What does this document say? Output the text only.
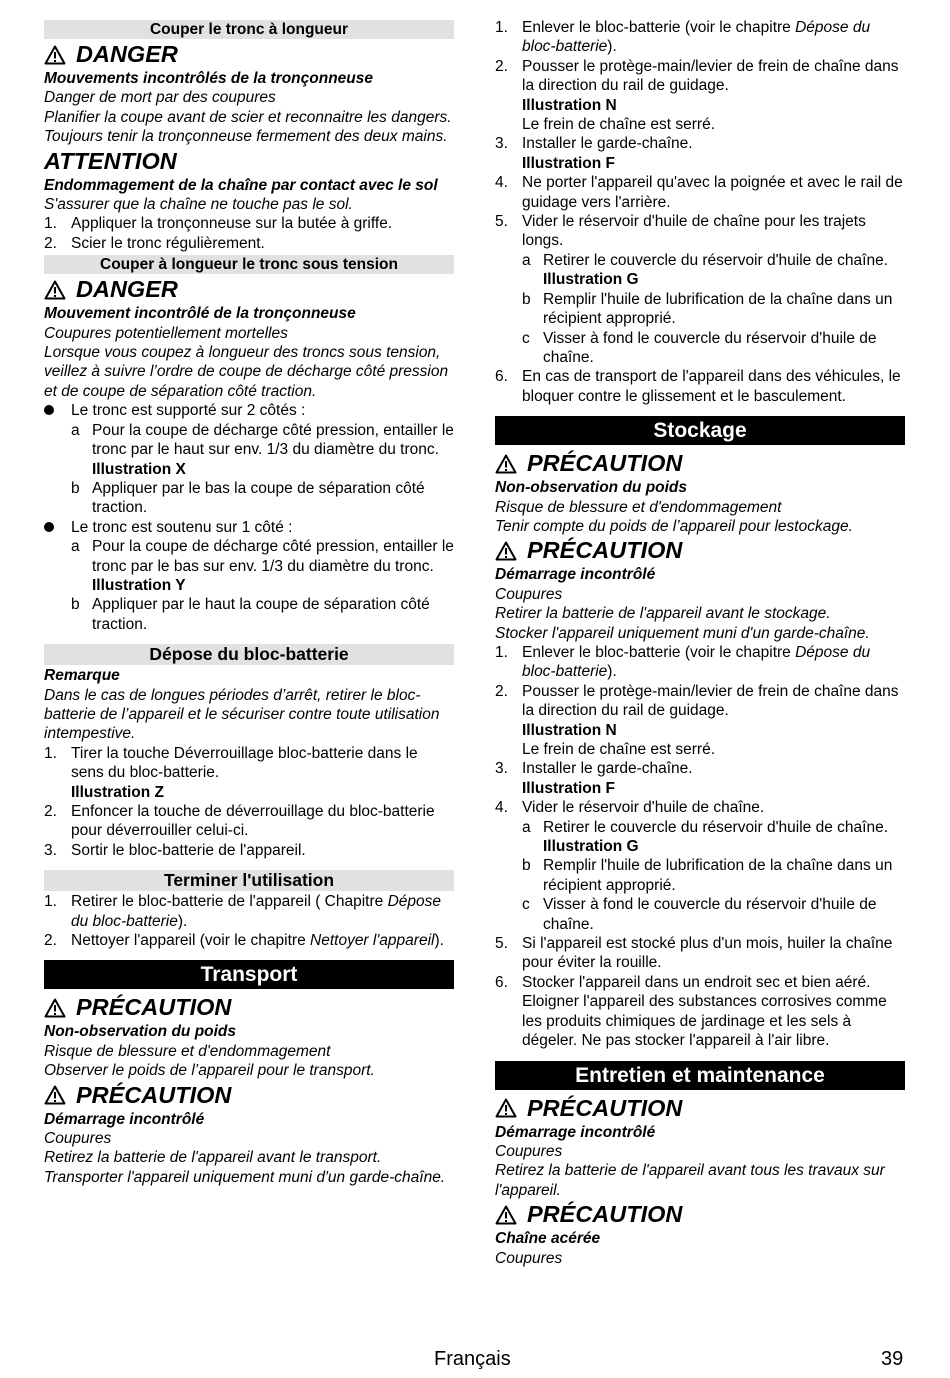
Couper le tronc à longueur
DANGER
Mouvements incontrôlés de la tronçonneuse
Danger de mort par des coupures
Planifier la coupe avant de scier et reconnaitre les dangers.
Toujours tenir la tronçonneuse fermement des deux mains.
ATTENTION
Endommagement de la chaîne par contact avec le sol
S'assurer que la chaîne ne touche pas le sol.
1. Appliquer la tronçonneuse sur la butée à griffe.
2. Scier le tronc régulièrement.
Couper à longueur le tronc sous tension
DANGER
Mouvement incontrôlé de la tronçonneuse
Coupures potentiellement mortelles
Lorsque vous coupez à longueur des troncs sous tension, veillez à suivre l’ordre de coupe de décharge côté pression et de coupe de séparation côté traction.
Le tronc est supporté sur 2 côtés :
a Pour la coupe de décharge côté pression, entailler le tronc par le haut sur env. 1/3 du diamètre du tronc.
Illustration X
b Appliquer par le bas la coupe de séparation côté traction.
Le tronc est soutenu sur 1 côté :
a Pour la coupe de décharge côté pression, entailler le tronc par le bas sur env. 1/3 du diamètre du tronc.
Illustration Y
b Appliquer par le haut la coupe de séparation côté traction.
Dépose du bloc-batterie
Remarque
Dans le cas de longues périodes d’arrêt, retirer le bloc-batterie de l’appareil et le sécuriser contre toute utilisation intempestive.
1. Tirer la touche Déverrouillage bloc-batterie dans le sens du bloc-batterie.
Illustration Z
2. Enfoncer la touche de déverrouillage du bloc-batterie pour déverrouiller celui-ci.
3. Sortir le bloc-batterie de l'appareil.
Terminer l'utilisation
1. Retirer le bloc-batterie de l'appareil ( Chapitre Dépose du bloc-batterie).
2. Nettoyer l'appareil (voir le chapitre Nettoyer l'appareil).
Transport
PRÉCAUTION
Non-observation du poids
Risque de blessure et d'endommagement
Observer le poids de l’appareil pour le transport.
PRÉCAUTION
Démarrage incontrôlé
Coupures
Retirez la batterie de l'appareil avant le transport.
Transporter l'appareil uniquement muni d'un garde-chaîne.
1. Enlever le bloc-batterie (voir le chapitre Dépose du bloc-batterie).
2. Pousser le protège-main/levier de frein de chaîne dans la direction du rail de guidage.
Illustration N
Le frein de chaîne est serré.
3. Installer le garde-chaîne.
Illustration F
4. Ne porter l'appareil qu'avec la poignée et avec le rail de guidage vers l'arrière.
5. Vider le réservoir d'huile de chaîne pour les trajets longs.
a Retirer le couvercle du réservoir d'huile de chaîne.
Illustration G
b Remplir l'huile de lubrification de la chaîne dans un récipient approprié.
c Visser à fond le couvercle du réservoir d'huile de chaîne.
6. En cas de transport de l'appareil dans des véhicules, le bloquer contre le glissement et le basculement.
Stockage
PRÉCAUTION
Non-observation du poids
Risque de blessure et d'endommagement
Tenir compte du poids de l’appareil pour lestockage.
PRÉCAUTION
Démarrage incontrôlé
Coupures
Retirer la batterie de l'appareil avant le stockage.
Stocker l'appareil uniquement muni d'un garde-chaîne.
1. Enlever le bloc-batterie (voir le chapitre Dépose du bloc-batterie).
2. Pousser le protège-main/levier de frein de chaîne dans la direction du rail de guidage.
Illustration N
Le frein de chaîne est serré.
3. Installer le garde-chaîne.
Illustration F
4. Vider le réservoir d'huile de chaîne.
a Retirer le couvercle du réservoir d'huile de chaîne.
Illustration G
b Remplir l'huile de lubrification de la chaîne dans un récipient approprié.
c Visser à fond le couvercle du réservoir d'huile de chaîne.
5. Si l'appareil est stocké plus d'un mois, huiler la chaîne pour éviter la rouille.
6. Stocker l'appareil dans un endroit sec et bien aéré. Eloigner l'appareil des substances corrosives comme les produits chimiques de jardinage et les sels à dégeler. Ne pas stocker l'appareil à l'air libre.
Entretien et maintenance
PRÉCAUTION
Démarrage incontrôlé
Coupures
Retirez la batterie de l'appareil avant tous les travaux sur l'appareil.
PRÉCAUTION
Chaîne acérée
Coupures
Français	39
